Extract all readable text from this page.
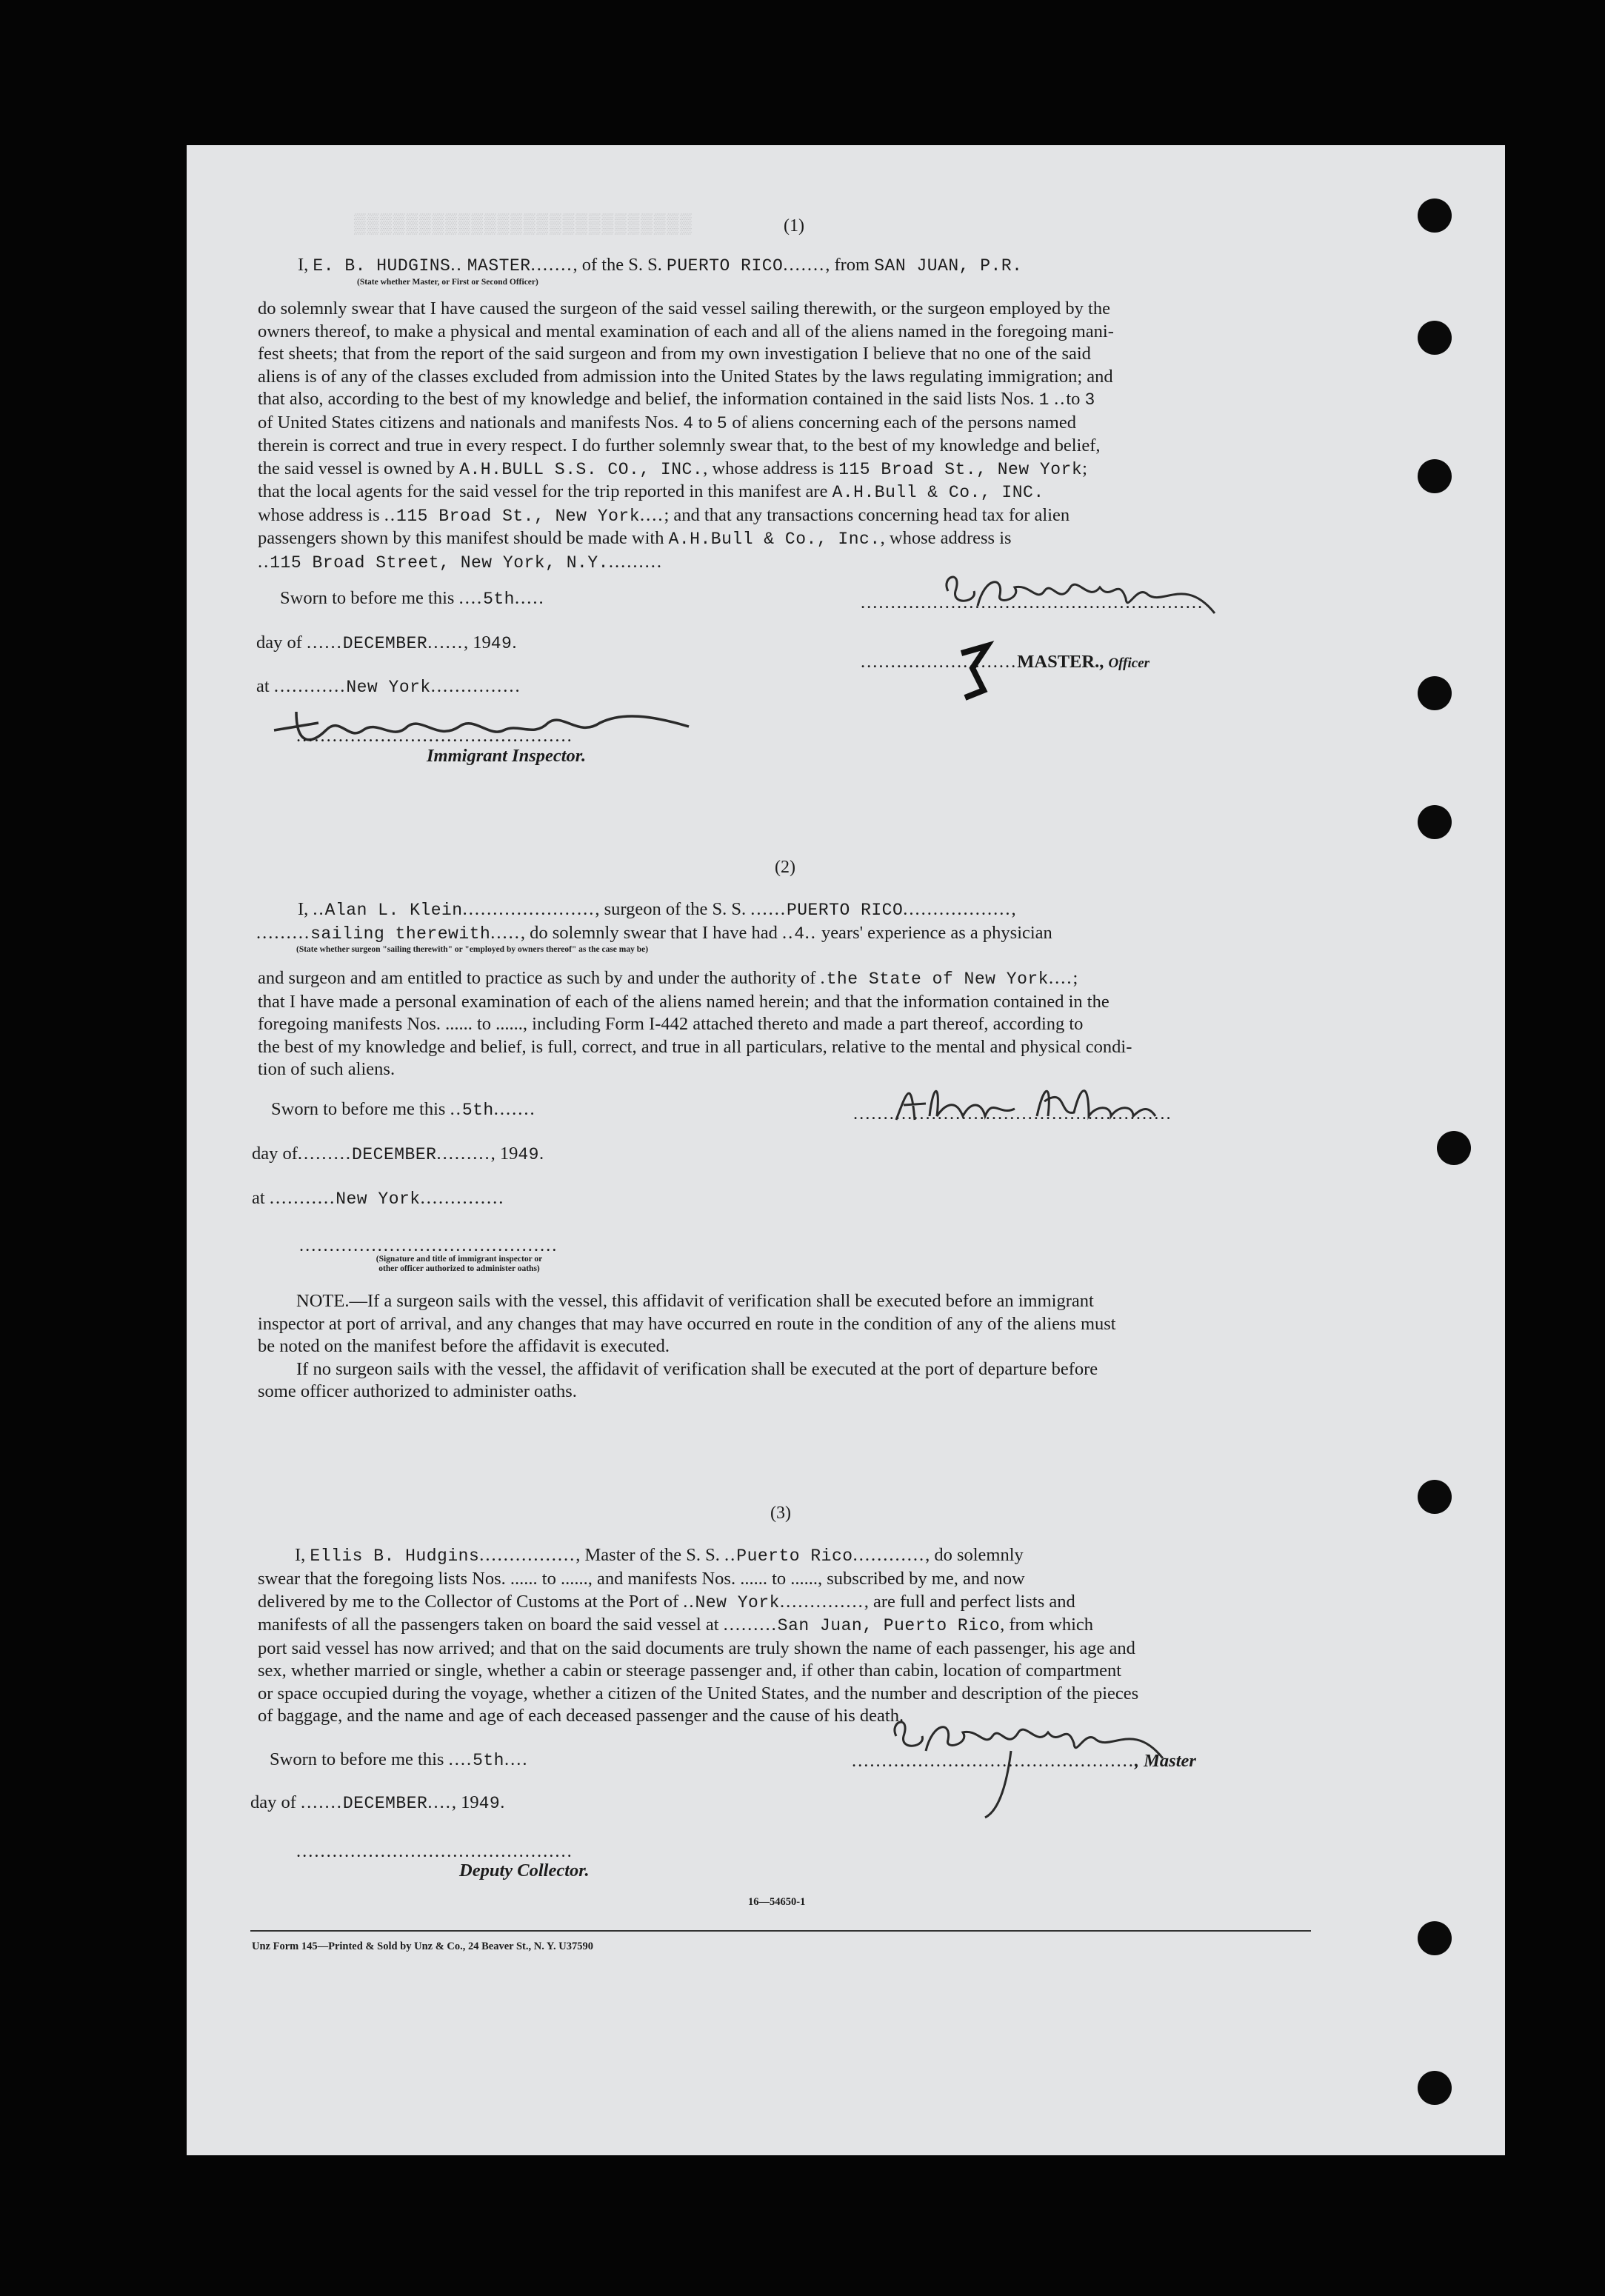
▒▒▒▒▒▒▒▒▒▒▒▒▒▒▒▒▒▒▒▒▒▒▒▒▒▒	(1)
I, E. B. HUDGINS.. MASTER......., of the S. S. PUERTO RICO......., from SAN JUAN, P.R.
(State whether Master, or First or Second Officer)
do solemnly swear that I have caused the surgeon of the said vessel sailing therewith, or the surgeon employed by the
owners thereof, to make a physical and mental examination of each and all of the aliens named in the foregoing mani-
fest sheets; that from the report of the said surgeon and from my own investigation I believe that no one of the said
aliens is of any of the classes excluded from admission into the United States by the laws regulating immigration; and
that also, according to the best of my knowledge and belief, the information contained in the said lists Nos. 1 ..to 3
of United States citizens and nationals and manifests Nos. 4 to 5 of aliens concerning each of the persons named
therein is correct and true in every respect. I do further solemnly swear that, to the best of my knowledge and belief,
the said vessel is owned by A.H.BULL S.S. CO., INC., whose address is 115 Broad St., New York;
that the local agents for the said vessel for the trip reported in this manifest are A.H.Bull & Co., INC.
whose address is ..115 Broad St., New York....; and that any transactions concerning head tax for alien
passengers shown by this manifest should be made with A.H.Bull & Co., Inc., whose address is
..115 Broad Street, New York, N.Y..........
Sworn to before me this ....5th.....
day of ......DECEMBER......, 1949.
at ............New York...............
.........................................................
..........................MASTER., Officer
..............................................
Immigrant Inspector.
(2)
I, ..Alan L. Klein......................, surgeon of the S. S. ......PUERTO RICO..................,
.........sailing therewith....., do solemnly swear that I have had ..4.. years' experience as a physician
(State whether surgeon "sailing therewith" or "employed by owners thereof" as the case may be)
and surgeon and am entitled to practice as such by and under the authority of .the State of New York....;
that I have made a personal examination of each of the aliens named herein; and that the information contained in the
foregoing manifests Nos. ...... to ......, including Form I-442 attached thereto and made a part thereof, according to
the best of my knowledge and belief, is full, correct, and true in all particulars, relative to the mental and physical condi-
tion of such aliens.
Sworn to before me this ..5th.......
day of.........DECEMBER........., 1949.
at ...........New York..............
.....................................................
...........................................
(Signature and title of immigrant inspector or
other officer authorized to administer oaths)
NOTE.—If a surgeon sails with the vessel, this affidavit of verification shall be executed before an immigrant
inspector at port of arrival, and any changes that may have occurred en route in the condition of any of the aliens must
be noted on the manifest before the affidavit is executed.
If no surgeon sails with the vessel, the affidavit of verification shall be executed at the port of departure before
some officer authorized to administer oaths.
(3)
I, Ellis B. Hudgins................, Master of the S. S. ..Puerto Rico............, do solemnly
swear that the foregoing lists Nos. ...... to ......, and manifests Nos. ...... to ......, subscribed by me, and now
delivered by me to the Collector of Customs at the Port of ..New York.............., are full and perfect lists and
manifests of all the passengers taken on board the said vessel at .........San Juan, Puerto Rico, from which
port said vessel has now arrived; and that on the said documents are truly shown the name of each passenger, his age and
sex, whether married or single, whether a cabin or steerage passenger and, if other than cabin, location of compartment
or space occupied during the voyage, whether a citizen of the United States, and the number and description of the pieces
of baggage, and the name and age of each deceased passenger and the cause of his death.
Sworn to before me this ....5th....
day of .......DECEMBER...., 1949.
..............................................., Master
..............................................
Deputy Collector.
16—54650-1
Unz Form 145—Printed & Sold by Unz & Co., 24 Beaver St., N. Y. U37590
